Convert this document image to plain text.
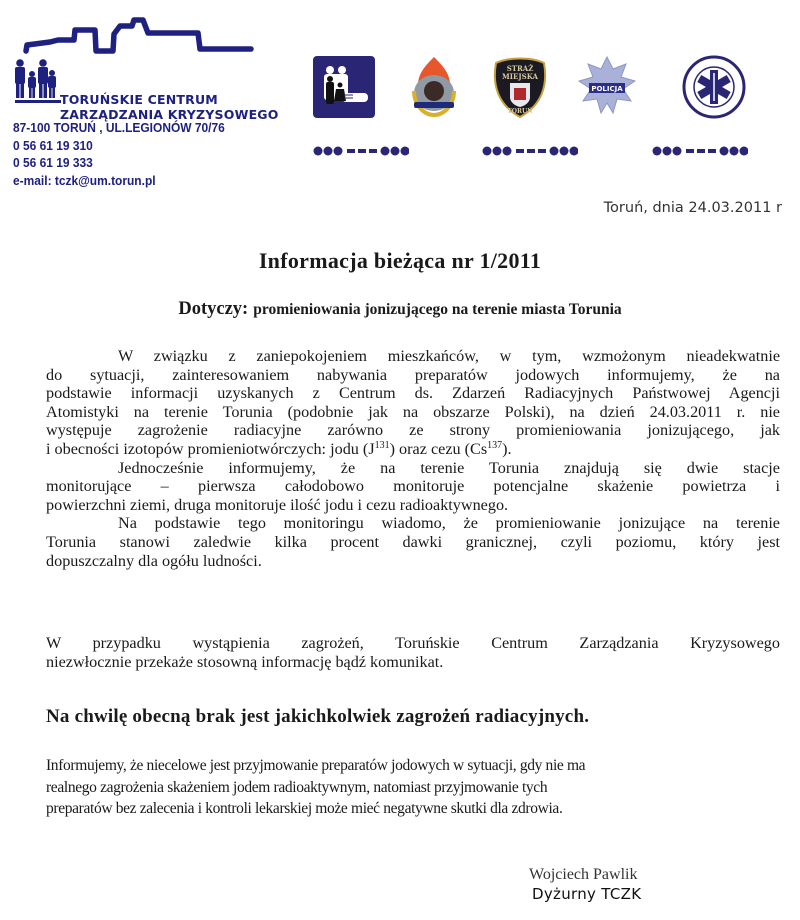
TORUŃSKIE CENTRUM
ZARZĄDZANIA KRYZYSOWEGO
87-100 TORUŃ , UL.LEGIONÓW 70/76
0 56 61 19 310
0 56 61 19 333
e-mail: tczk@um.torun.pl
STRAŻ
MIEJSKA
TORUŃ
POLICJA
Toruń, dnia 24.03.2011 r
Informacja bieżąca nr 1/2011
Dotyczy: promieniowania jonizującego na terenie miasta Torunia
W związku z zaniepokojeniem mieszkańców, w tym, wzmożonym nieadekwatnie
do sytuacji, zainteresowaniem nabywania preparatów jodowych informujemy, że na
podstawie informacji uzyskanych z Centrum ds. Zdarzeń Radiacyjnych Państwowej Agencji
Atomistyki na terenie Torunia (podobnie jak na obszarze Polski), na dzień 24.03.2011 r. nie
występuje zagrożenie radiacyjne zarówno ze strony promieniowania jonizującego, jak
i obecności izotopów promieniotwórczych: jodu $(J^{131})$ oraz cezu (Cs$^{137}$).
Jednocześnie informujemy, że na terenie Torunia znajdują się dwie stacje
monitorujące – pierwsza całodobowo monitoruje potencjalne skażenie powietrza i
powierzchni ziemi, druga monitoruje ilość jodu i cezu radioaktywnego.
Na podstawie tego monitoringu wiadomo, że promieniowanie jonizujące na terenie
Torunia stanowi zaledwie kilka procent dawki granicznej, czyli poziomu, który jest
dopuszczalny dla ogółu ludności.
W przypadku wystąpienia zagrożeń, Toruńskie Centrum Zarządzania Kryzysowego
niezwłocznie przekaże stosowną informację bądź komunikat.
Na chwilę obecną brak jest jakichkolwiek zagrożeń radiacyjnych.
Informujemy, że niecelowe jest przyjmowanie preparatów jodowych w sytuacji, gdy nie ma
realnego zagrożenia skażeniem jodem radioaktywnym, natomiast przyjmowanie tych
preparatów bez zalecenia i kontroli lekarskiej może mieć negatywne skutki dla zdrowia.
Wojciech Pawlik
Dyżurny TCZK
